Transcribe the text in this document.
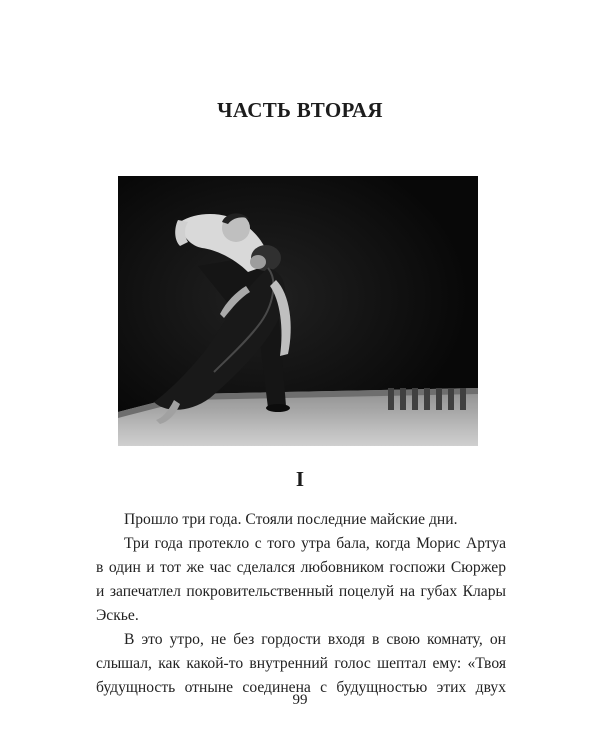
ЧАСТЬ ВТОРАЯ
I
Прошло три года. Стояли последние майские дни.
Три года протекло с того утра бала, когда Морис Артуа
в один и тот же час сделался любовником госпожи Сюржер
и запечатлел покровительственный поцелуй на губах Клары
Эскье.
В это утро, не без гордости входя в свою комнату, он
слышал, как какой-то внутренний голос шептал ему: «Твоя
будущность отныне соединена с будущностью этих двух
99
